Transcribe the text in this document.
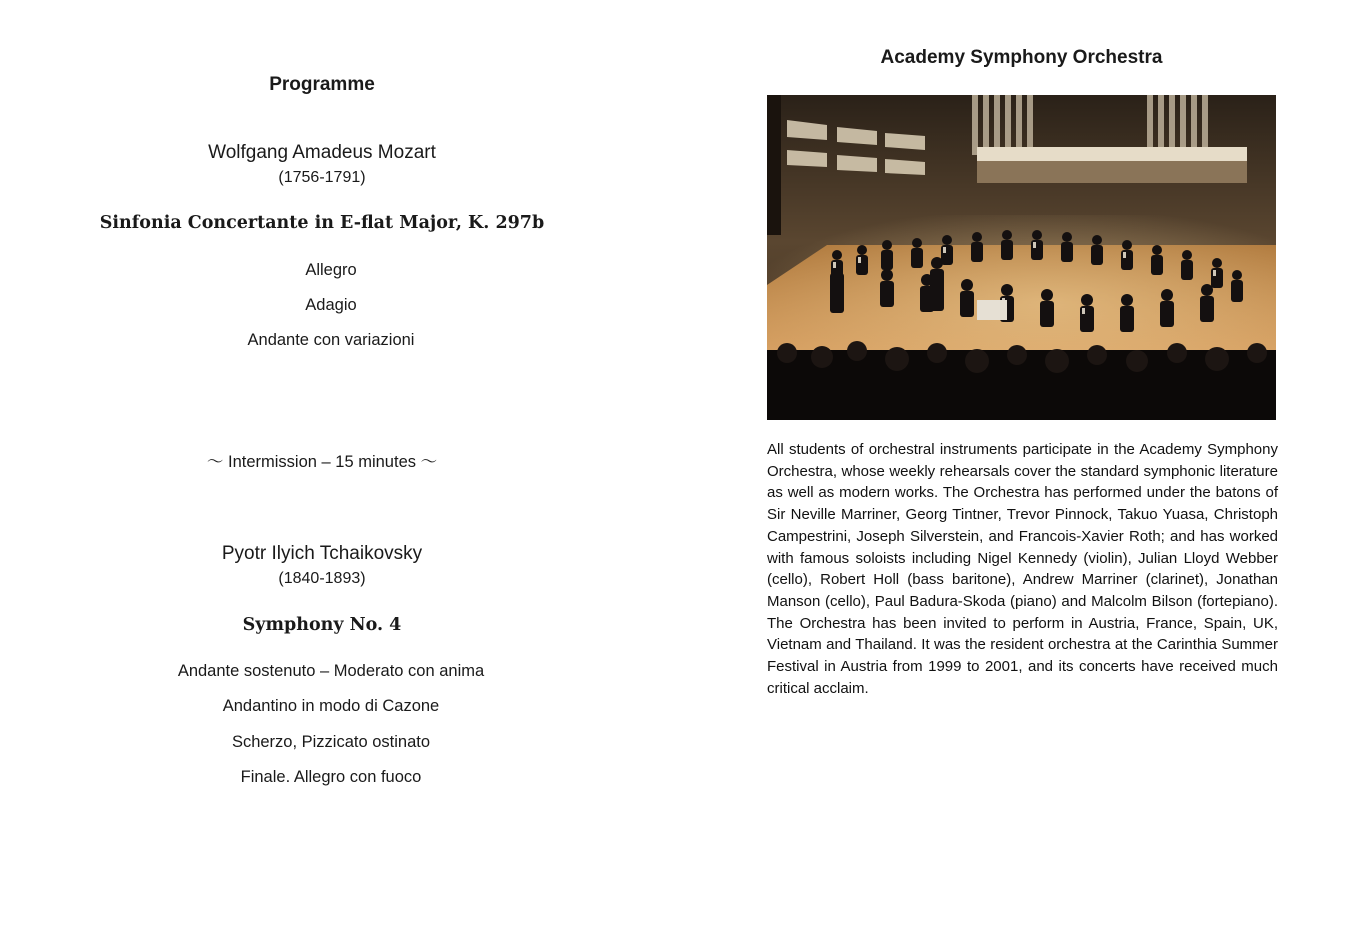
Programme
Wolfgang Amadeus Mozart
(1756-1791)
Sinfonia Concertante in E-flat Major, K. 297b
Allegro
Adagio
Andante con variazioni
～ Intermission – 15 minutes ～
Pyotr Ilyich Tchaikovsky
(1840-1893)
Symphony No. 4
Andante sostenuto – Moderato con anima
Andantino in modo di Cazone
Scherzo, Pizzicato ostinato
Finale. Allegro con fuoco
Academy Symphony Orchestra
All students of orchestral instruments participate in the Academy Symphony Orchestra, whose weekly rehearsals cover the standard symphonic literature as well as modern works. The Orchestra has performed under the batons of Sir Neville Marriner, Georg Tintner, Trevor Pinnock, Takuo Yuasa, Christoph Campestrini, Joseph Silverstein, and Francois-Xavier Roth; and has worked with famous soloists including Nigel Kennedy (violin), Julian Lloyd Webber (cello), Robert Holl (bass baritone), Andrew Marriner (clarinet), Jonathan Manson (cello), Paul Badura-Skoda (piano) and Malcolm Bilson (fortepiano). The Orchestra has been invited to perform in Austria, France, Spain, UK, Vietnam and Thailand. It was the resident orchestra at the Carinthia Summer Festival in Austria from 1999 to 2001, and its concerts have received much critical acclaim.
